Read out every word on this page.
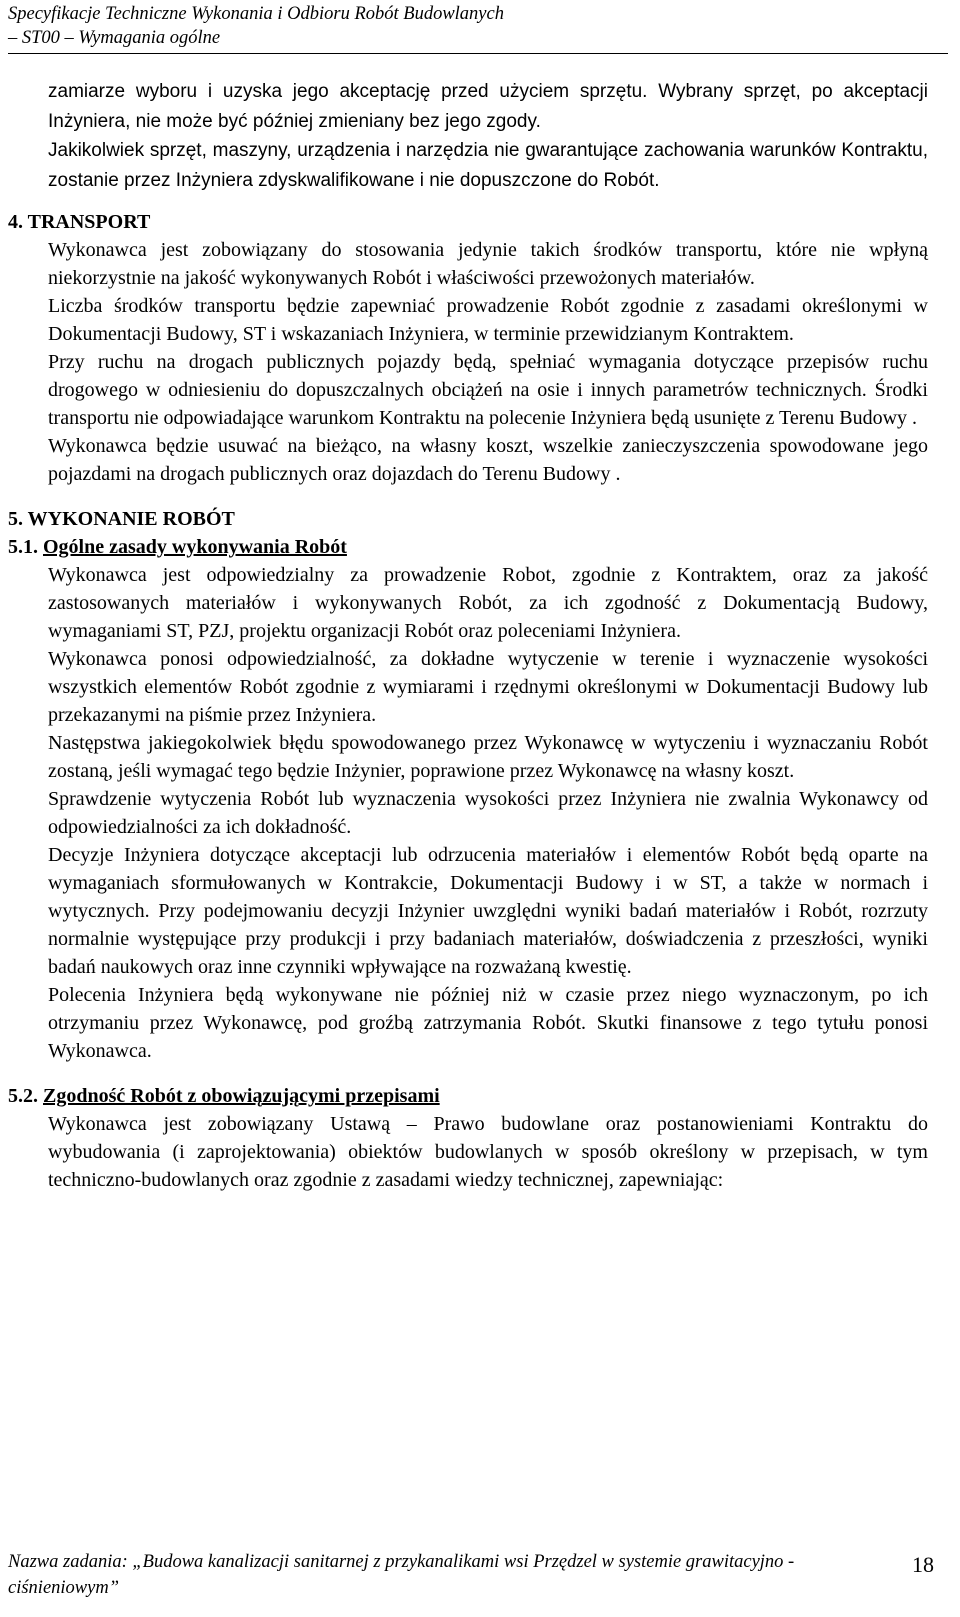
Specyfikacje Techniczne Wykonania i Odbioru Robót Budowlanych
– ST00 – Wymagania ogólne

zamiarze wyboru i uzyska jego akceptację przed użyciem sprzętu. Wybrany sprzęt, po akceptacji Inżyniera, nie może być później zmieniany bez jego zgody.

Jakikolwiek sprzęt, maszyny, urządzenia i narzędzia nie gwarantujące zachowania warunków Kontraktu, zostanie przez Inżyniera zdyskwalifikowane i nie dopuszczone do Robót.

4. TRANSPORT

Wykonawca jest zobowiązany do stosowania jedynie takich środków transportu, które nie wpłyną niekorzystnie na jakość wykonywanych Robót i właściwości przewożonych materiałów.

Liczba środków transportu będzie zapewniać prowadzenie Robót zgodnie z zasadami określonymi w Dokumentacji Budowy, ST i wskazaniach Inżyniera, w terminie przewidzianym Kontraktem.

Przy ruchu na drogach publicznych pojazdy będą, spełniać wymagania dotyczące przepisów ruchu drogowego w odniesieniu do dopuszczalnych obciążeń na osie i innych parametrów technicznych. Środki transportu nie odpowiadające warunkom Kontraktu na polecenie Inżyniera będą usunięte z Terenu Budowy .

Wykonawca będzie usuwać na bieżąco, na własny koszt, wszelkie zanieczyszczenia spowodowane jego pojazdami na drogach publicznych oraz dojazdach do Terenu Budowy .

5. WYKONANIE ROBÓT

5.1. Ogólne zasady wykonywania Robót

Wykonawca jest odpowiedzialny za prowadzenie Robot, zgodnie z Kontraktem, oraz za jakość zastosowanych materiałów i wykonywanych Robót, za ich zgodność z Dokumentacją Budowy, wymaganiami ST, PZJ, projektu organizacji Robót oraz poleceniami Inżyniera.

Wykonawca ponosi odpowiedzialność, za dokładne wytyczenie w terenie i wyznaczenie wysokości wszystkich elementów Robót zgodnie z wymiarami i rzędnymi określonymi w Dokumentacji Budowy lub przekazanymi na piśmie przez Inżyniera.

Następstwa jakiegokolwiek błędu spowodowanego przez Wykonawcę w wytyczeniu i wyznaczaniu Robót zostaną, jeśli wymagać tego będzie Inżynier, poprawione przez Wykonawcę na własny koszt.

Sprawdzenie wytyczenia Robót lub wyznaczenia wysokości przez Inżyniera nie zwalnia Wykonawcy od odpowiedzialności za ich dokładność.

Decyzje Inżyniera dotyczące akceptacji lub odrzucenia materiałów i elementów Robót będą oparte na wymaganiach sformułowanych w Kontrakcie, Dokumentacji Budowy i w ST, a także w normach i wytycznych. Przy podejmowaniu decyzji Inżynier uwzględni wyniki badań materiałów i Robót, rozrzuty normalnie występujące przy produkcji i przy badaniach materiałów, doświadczenia z przeszłości, wyniki badań naukowych oraz inne czynniki wpływające na rozważaną kwestię.

Polecenia Inżyniera będą wykonywane nie później niż w czasie przez niego wyznaczonym, po ich otrzymaniu przez Wykonawcę, pod groźbą zatrzymania Robót. Skutki finansowe z tego tytułu ponosi Wykonawca.

5.2. Zgodność Robót z obowiązującymi przepisami

Wykonawca jest zobowiązany Ustawą – Prawo budowlane oraz postanowieniami Kontraktu do wybudowania (i zaprojektowania) obiektów budowlanych w sposób określony w przepisach, w tym techniczno-budowlanych oraz zgodnie z zasadami wiedzy technicznej, zapewniając:

Nazwa zadania: „Budowa kanalizacji sanitarnej z przykanalikami wsi Przędzel w systemie grawitacyjno - ciśnieniowym”
18
